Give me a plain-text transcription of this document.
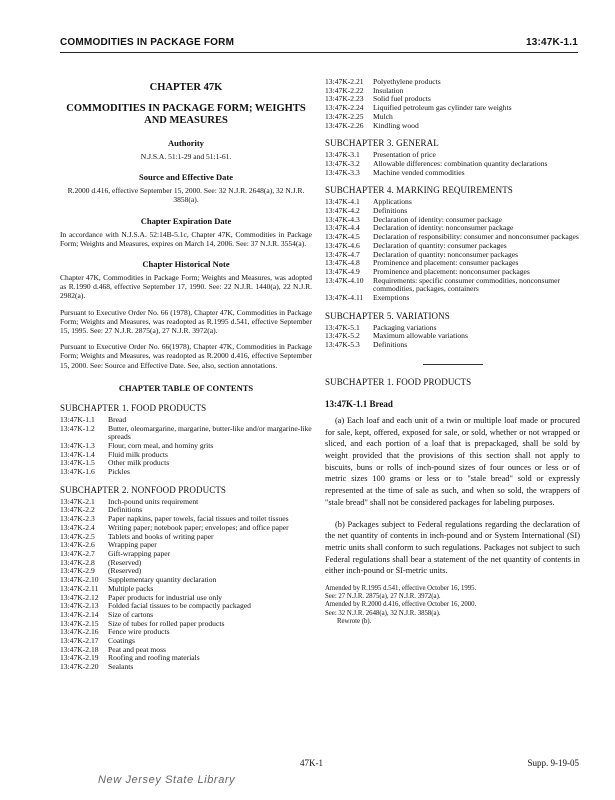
COMMODITIES IN PACKAGE FORM	13:47K-1.1
CHAPTER 47K
COMMODITIES IN PACKAGE FORM; WEIGHTS AND MEASURES
Authority
N.J.S.A. 51:1-29 and 51:1-61.
Source and Effective Date
R.2000 d.416, effective September 15, 2000. See: 32 N.J.R. 2648(a), 32 N.J.R. 3858(a).
Chapter Expiration Date
In accordance with N.J.S.A. 52:14B-5.1c, Chapter 47K, Commodities in Package Form; Weights and Measures, expires on March 14, 2006. See: 37 N.J.R. 3554(a).
Chapter Historical Note
Chapter 47K, Commodities in Package Form; Weights and Measures, was adopted as R.1990 d.468, effective September 17, 1990. See: 22 N.J.R. 1440(a), 22 N.J.R. 2982(a).
Pursuant to Executive Order No. 66 (1978), Chapter 47K, Commodities in Package Form; Weights and Measures, was readopted as R.1995 d.541, effective September 15, 1995. See: 27 N.J.R. 2875(a), 27 N.J.R. 3972(a).
Pursuant to Executive Order No. 66(1978), Chapter 47K, Commodities in Package Form; Weights and Measures, was readopted as R.2000 d.416, effective September 15, 2000. See: Source and Effective Date. See, also, section annotations.
CHAPTER TABLE OF CONTENTS
SUBCHAPTER 1. FOOD PRODUCTS
13:47K-1.1	Bread
13:47K-1.2	Butter, oleomargarine, margarine, butter-like and/or margarine-like spreads
13:47K-1.3	Flour, corn meal, and hominy grits
13:47K-1.4	Fluid milk products
13:47K-1.5	Other milk products
13:47K-1.6	Pickles
SUBCHAPTER 2. NONFOOD PRODUCTS
13:47K-2.1	Inch-pound units requirement
13:47K-2.2	Definitions
13:47K-2.3	Paper napkins, paper towels, facial tissues and toilet tissues
13:47K-2.4	Writing paper; notebook paper; envelopes; and office paper
13:47K-2.5	Tablets and books of writing paper
13:47K-2.6	Wrapping paper
13:47K-2.7	Gift-wrapping paper
13:47K-2.8	(Reserved)
13:47K-2.9	(Reserved)
13:47K-2.10	Supplementary quantity declaration
13:47K-2.11	Multiple packs
13:47K-2.12	Paper products for industrial use only
13:47K-2.13	Folded facial tissues to be compactly packaged
13:47K-2.14	Size of cartons
13:47K-2.15	Size of tubes for rolled paper products
13:47K-2.16	Fence wire products
13:47K-2.17	Coatings
13:47K-2.18	Peat and peat moss
13:47K-2.19	Roofing and roofing materials
13:47K-2.20	Sealants
13:47K-2.21	Polyethylene products
13:47K-2.22	Insulation
13:47K-2.23	Solid fuel products
13:47K-2.24	Liquified petroleum gas cylinder tare weights
13:47K-2.25	Mulch
13:47K-2.26	Kindling wood
SUBCHAPTER 3. GENERAL
13:47K-3.1	Presentation of price
13:47K-3.2	Allowable differences: combination quantity declarations
13:47K-3.3	Machine vended commodities
SUBCHAPTER 4. MARKING REQUIREMENTS
13:47K-4.1	Applications
13:47K-4.2	Definitions
13:47K-4.3	Declaration of identity: consumer package
13:47K-4.4	Declaration of identity: nonconsumer package
13:47K-4.5	Declaration of responsibility: consumer and nonconsumer packages
13:47K-4.6	Declaration of quantity: consumer packages
13:47K-4.7	Declaration of quantity: nonconsumer packages
13:47K-4.8	Prominence and placement: consumer packages
13:47K-4.9	Prominence and placement: nonconsumer packages
13:47K-4.10	Requirements: specific consumer commodities, nonconsumer commodities, packages, containers
13:47K-4.11	Exemptions
SUBCHAPTER 5. VARIATIONS
13:47K-5.1	Packaging variations
13:47K-5.2	Maximum allowable variations
13:47K-5.3	Definitions
SUBCHAPTER 1. FOOD PRODUCTS
13:47K-1.1 Bread
(a) Each loaf and each unit of a twin or multiple loaf made or procured for sale, kept, offered, exposed for sale, or sold, whether or not wrapped or sliced, and each portion of a loaf that is prepackaged, shall be sold by weight provided that the provisions of this section shall not apply to biscuits, buns or rolls of inch-pound sizes of four ounces or less or of metric sizes 100 grams or less or to "stale bread" sold or expressly represented at the time of sale as such, and when so sold, the wrappers of "stale bread" shall not be considered packages for labeling purposes.
(b) Packages subject to Federal regulations regarding the declaration of the net quantity of contents in inch-pound and or System International (SI) metric units shall conform to such regulations. Packages not subject to such Federal regulations shall bear a statement of the net quantity of contents in either inch-pound or SI-metric units.
Amended by R.1995 d.541, effective October 16, 1995.
See: 27 N.J.R. 2875(a), 27 N.J.R. 3972(a).
Amended by R.2000 d.416, effective October 16, 2000.
See: 32 N.J.R. 2648(a), 32 N.J.R. 3858(a).
Rewrote (b).
47K-1	Supp. 9-19-05
New Jersey State Library
